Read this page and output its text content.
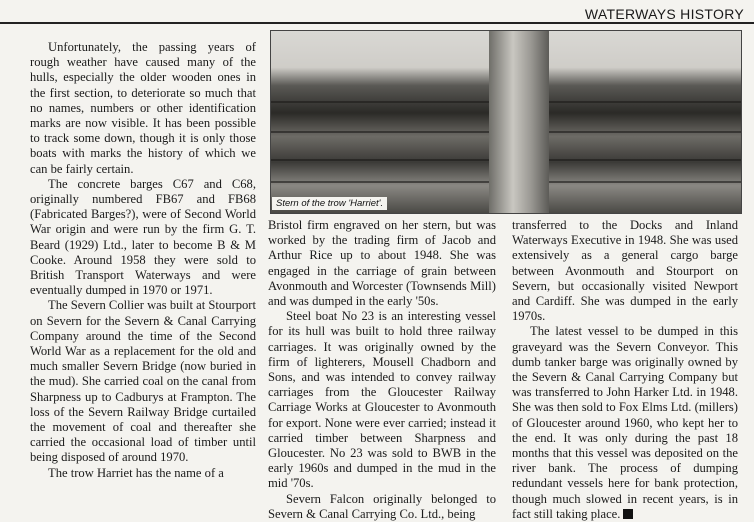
WATERWAYS HISTORY
Stern of the trow 'Harriet'.

Unfortunately, the passing years of rough weather have caused many of the hulls, especially the older wooden ones in the first section, to deteriorate so much that no names, numbers or other identification marks are now visible. It has been possible to track some down, though it is only those boats with marks the history of which we can be fairly certain.

The concrete barges C67 and C68, originally numbered FB67 and FB68 (Fabricated Barges?), were of Second World War origin and were run by the firm G. T. Beard (1929) Ltd., later to become B & M Cooke. Around 1958 they were sold to British Transport Waterways and were eventually dumped in 1970 or 1971.

The Severn Collier was built at Stourport on Severn for the Severn & Canal Carrying Company around the time of the Second World War as a replacement for the old and much smaller Severn Bridge (now buried in the mud). She carried coal on the canal from Sharpness up to Cadburys at Frampton. The loss of the Severn Railway Bridge curtailed the movement of coal and thereafter she carried the occasional load of timber until being disposed of around 1970.

The trow Harriet has the name of a

Bristol firm engraved on her stern, but was worked by the trading firm of Jacob and Arthur Rice up to about 1948. She was engaged in the carriage of grain between Avonmouth and Worcester (Townsends Mill) and was dumped in the early '50s.

Steel boat No 23 is an interesting vessel for its hull was built to hold three railway carriages. It was originally owned by the firm of lighterers, Mousell Chadborn and Sons, and was intended to convey railway carriages from the Gloucester Railway Carriage Works at Gloucester to Avonmouth for export. None were ever carried; instead it carried timber between Sharpness and Gloucester. No 23 was sold to BWB in the early 1960s and dumped in the mud in the mid '70s.

Severn Falcon originally belonged to Severn & Canal Carrying Co. Ltd., being

transferred to the Docks and Inland Waterways Executive in 1948. She was used extensively as a general cargo barge between Avonmouth and Stourport on Severn, but occasionally visited Newport and Cardiff. She was dumped in the early 1970s.

The latest vessel to be dumped in this graveyard was the Severn Conveyor. This dumb tanker barge was originally owned by the Severn & Canal Carrying Company but was transferred to John Harker Ltd. in 1948. She was then sold to Fox Elms Ltd. (millers) of Gloucester around 1960, who kept her to the end. It was only during the past 18 months that this vessel was deposited on the river bank. The process of dumping redundant vessels here for bank protection, though much slowed in recent years, is in fact still taking place.
